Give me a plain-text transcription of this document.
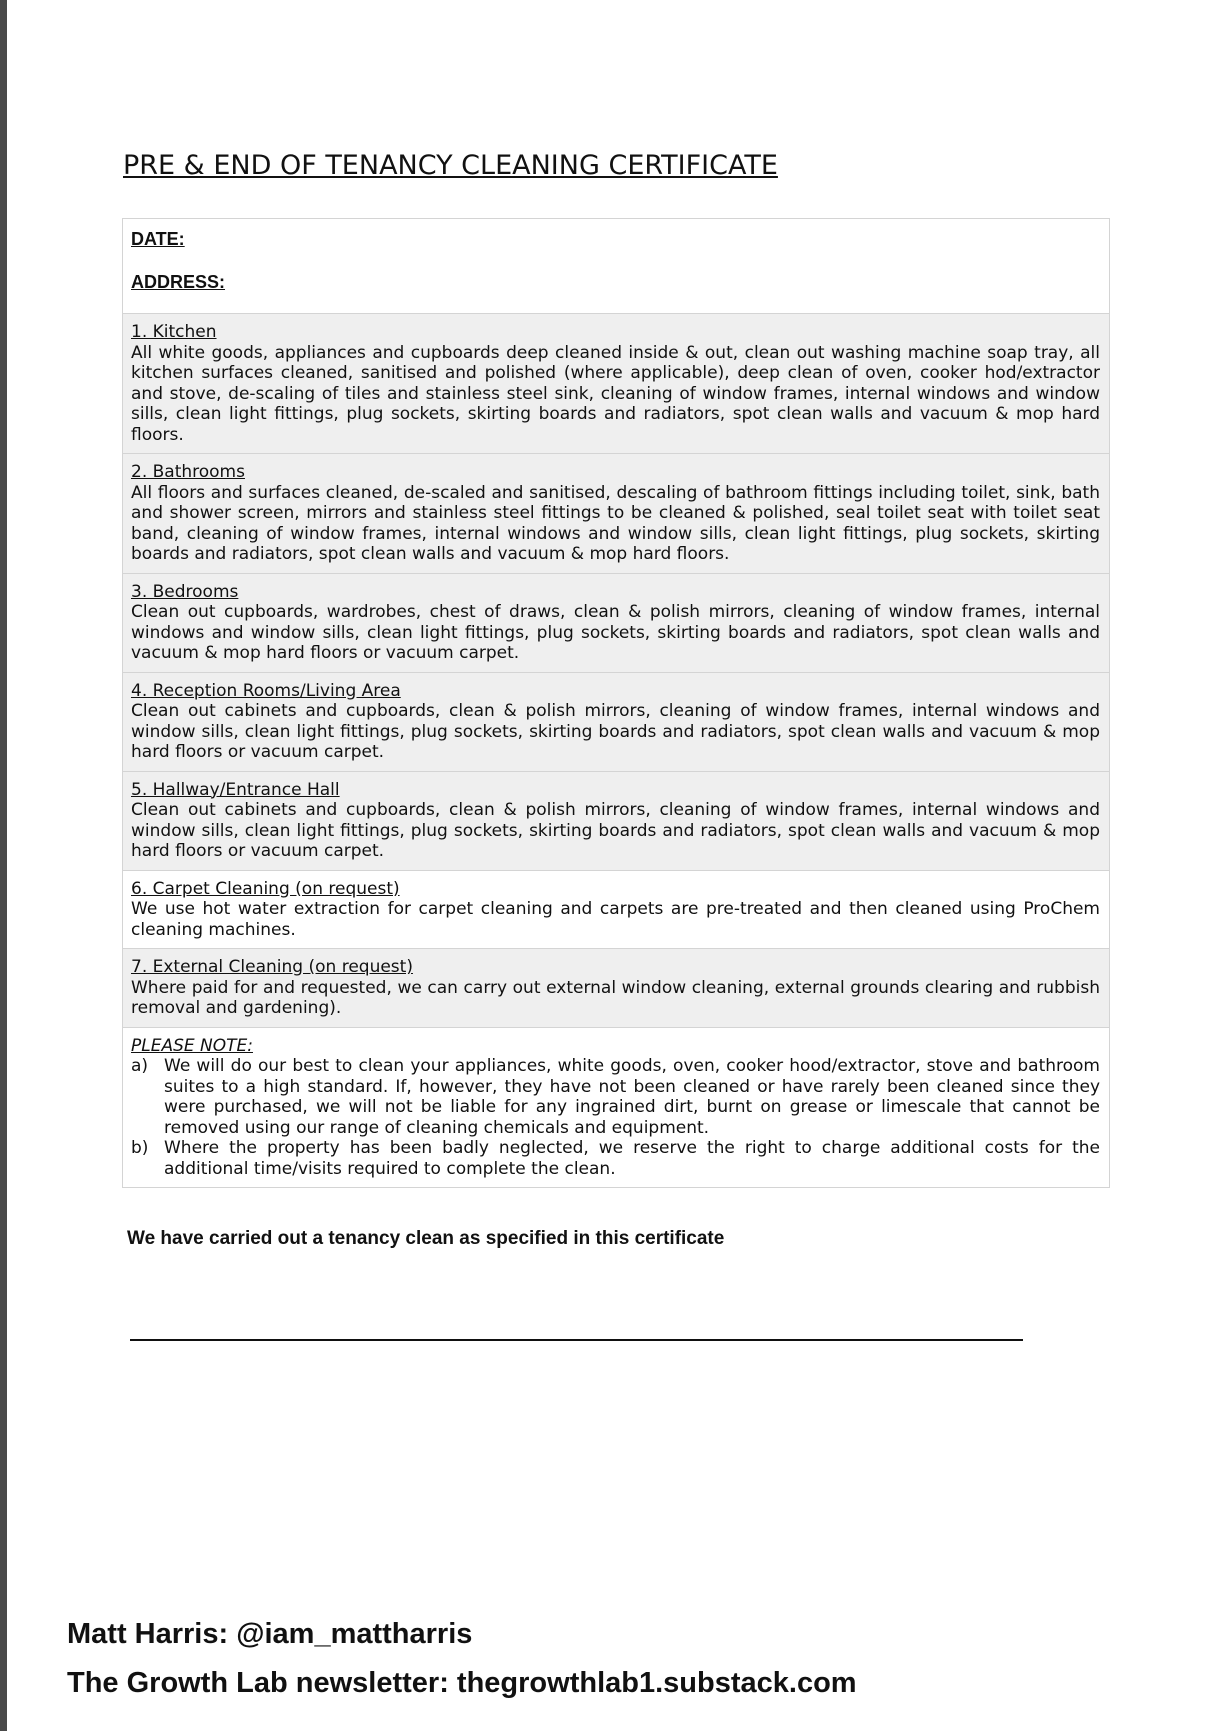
PRE & END OF TENANCY CLEANING CERTIFICATE
DATE:
ADDRESS:
1. Kitchen
All white goods, appliances and cupboards deep cleaned inside & out, clean out washing machine soap tray, all kitchen surfaces cleaned, sanitised and polished (where applicable), deep clean of oven, cooker hod/extractor and stove, de-scaling of tiles and stainless steel sink, cleaning of window frames, internal windows and window sills, clean light fittings, plug sockets, skirting boards and radiators, spot clean walls and vacuum & mop hard floors.
2. Bathrooms
All floors and surfaces cleaned, de-scaled and sanitised, descaling of bathroom fittings including toilet, sink, bath and shower screen, mirrors and stainless steel fittings to be cleaned & polished, seal toilet seat with toilet seat band, cleaning of window frames, internal windows and window sills, clean light fittings, plug sockets, skirting boards and radiators, spot clean walls and vacuum & mop hard floors.
3. Bedrooms
Clean out cupboards, wardrobes, chest of draws, clean & polish mirrors, cleaning of window frames, internal windows and window sills, clean light fittings, plug sockets, skirting boards and radiators, spot clean walls and vacuum & mop hard floors or vacuum carpet.
4. Reception Rooms/Living Area
Clean out cabinets and cupboards, clean & polish mirrors, cleaning of window frames, internal windows and window sills, clean light fittings, plug sockets, skirting boards and radiators, spot clean walls and vacuum & mop hard floors or vacuum carpet.
5. Hallway/Entrance Hall
Clean out cabinets and cupboards, clean & polish mirrors, cleaning of window frames, internal windows and window sills, clean light fittings, plug sockets, skirting boards and radiators, spot clean walls and vacuum & mop hard floors or vacuum carpet.
6. Carpet Cleaning (on request)
We use hot water extraction for carpet cleaning and carpets are pre-treated and then cleaned using ProChem cleaning machines.
7. External Cleaning (on request)
Where paid for and requested, we can carry out external window cleaning, external grounds clearing and rubbish removal and gardening).
PLEASE NOTE:
a) We will do our best to clean your appliances, white goods, oven, cooker hood/extractor, stove and bathroom suites to a high standard. If, however, they have not been cleaned or have rarely been cleaned since they were purchased, we will not be liable for any ingrained dirt, burnt on grease or limescale that cannot be removed using our range of cleaning chemicals and equipment.
b) Where the property has been badly neglected, we reserve the right to charge additional costs for the additional time/visits required to complete the clean.
We have carried out a tenancy clean as specified in this certificate
Matt Harris: @iam_mattharris
The Growth Lab newsletter: thegrowthlab1.substack.com
